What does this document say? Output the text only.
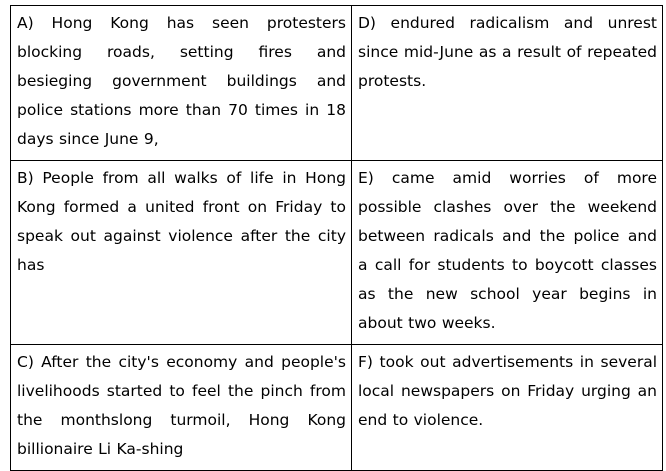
A) Hong Kong has seen protesters blocking roads, setting fires and besieging government buildings and police stations more than 70 times in 18 days since June 9,	D) endured radicalism and unrest since mid-June as a result of repeated protests.
B) People from all walks of life in Hong Kong formed a united front on Friday to speak out against violence after the city has	E) came amid worries of more possible clashes over the weekend between radicals and the police and a call for students to boycott classes as the new school year begins in about two weeks.
C) After the city's economy and people's livelihoods started to feel the pinch from the monthslong turmoil, Hong Kong billionaire Li Ka-shing	F) took out advertisements in several local newspapers on Friday urging an end to violence.
